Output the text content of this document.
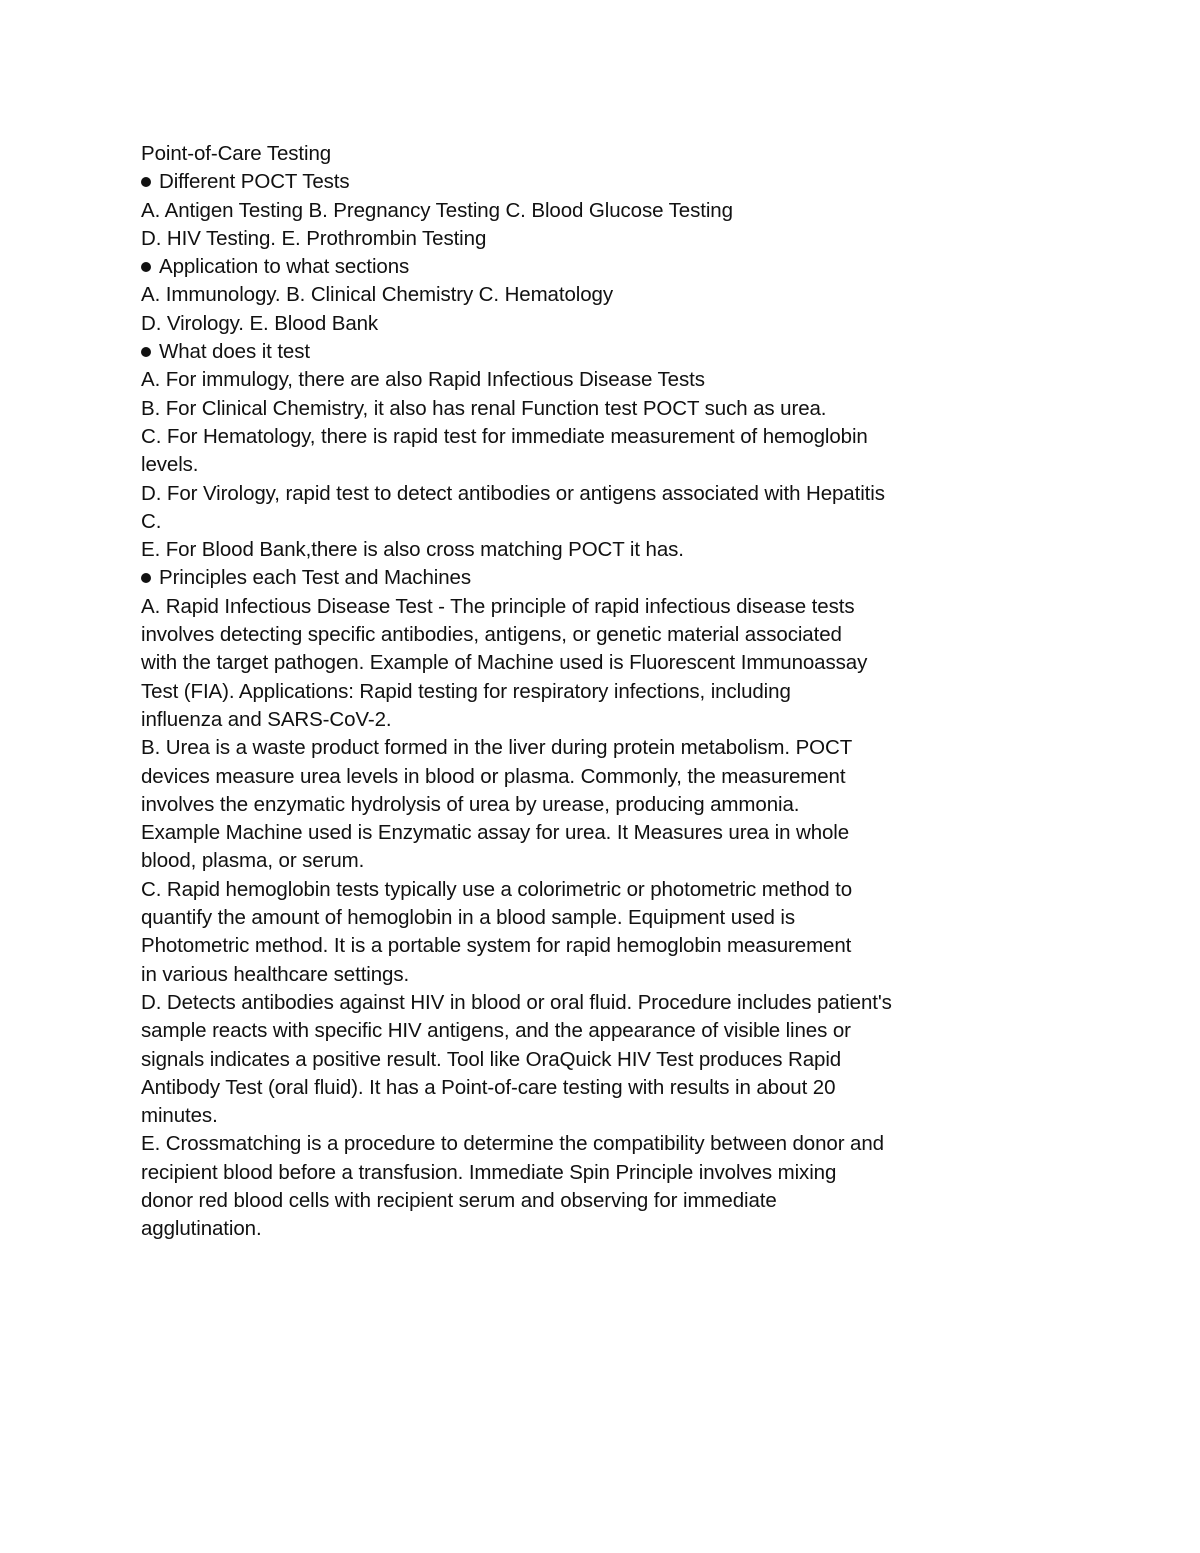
Point-of-Care Testing
Different POCT Tests
A. Antigen Testing B. Pregnancy Testing C. Blood Glucose Testing
D. HIV Testing. E. Prothrombin Testing
Application to what sections
A. Immunology. B. Clinical Chemistry C. Hematology
D. Virology. E. Blood Bank
What does it test
A. For immulogy, there are also Rapid Infectious Disease Tests
B. For Clinical Chemistry, it also has renal Function test POCT such as urea.
C. For Hematology, there is rapid test for immediate measurement of hemoglobin
levels.
D. For Virology, rapid test to detect antibodies or antigens associated with Hepatitis
C.
E. For Blood Bank,there is also cross matching POCT it has.
Principles each Test and Machines
A. Rapid Infectious Disease Test - The principle of rapid infectious disease tests
involves detecting specific antibodies, antigens, or genetic material associated
with the target pathogen. Example of Machine used is Fluorescent Immunoassay
Test (FIA). Applications: Rapid testing for respiratory infections, including
influenza and SARS-CoV-2.
B. Urea is a waste product formed in the liver during protein metabolism. POCT
devices measure urea levels in blood or plasma. Commonly, the measurement
involves the enzymatic hydrolysis of urea by urease, producing ammonia.
Example Machine used is Enzymatic assay for urea. It Measures urea in whole
blood, plasma, or serum.
C. Rapid hemoglobin tests typically use a colorimetric or photometric method to
quantify the amount of hemoglobin in a blood sample. Equipment used is
Photometric method. It is a portable system for rapid hemoglobin measurement
in various healthcare settings.
D. Detects antibodies against HIV in blood or oral fluid. Procedure includes patient's
sample reacts with specific HIV antigens, and the appearance of visible lines or
signals indicates a positive result. Tool like OraQuick HIV Test produces Rapid
Antibody Test (oral fluid). It has a Point-of-care testing with results in about 20
minutes.
E. Crossmatching is a procedure to determine the compatibility between donor and
recipient blood before a transfusion. Immediate Spin Principle involves mixing
donor red blood cells with recipient serum and observing for immediate
agglutination.
